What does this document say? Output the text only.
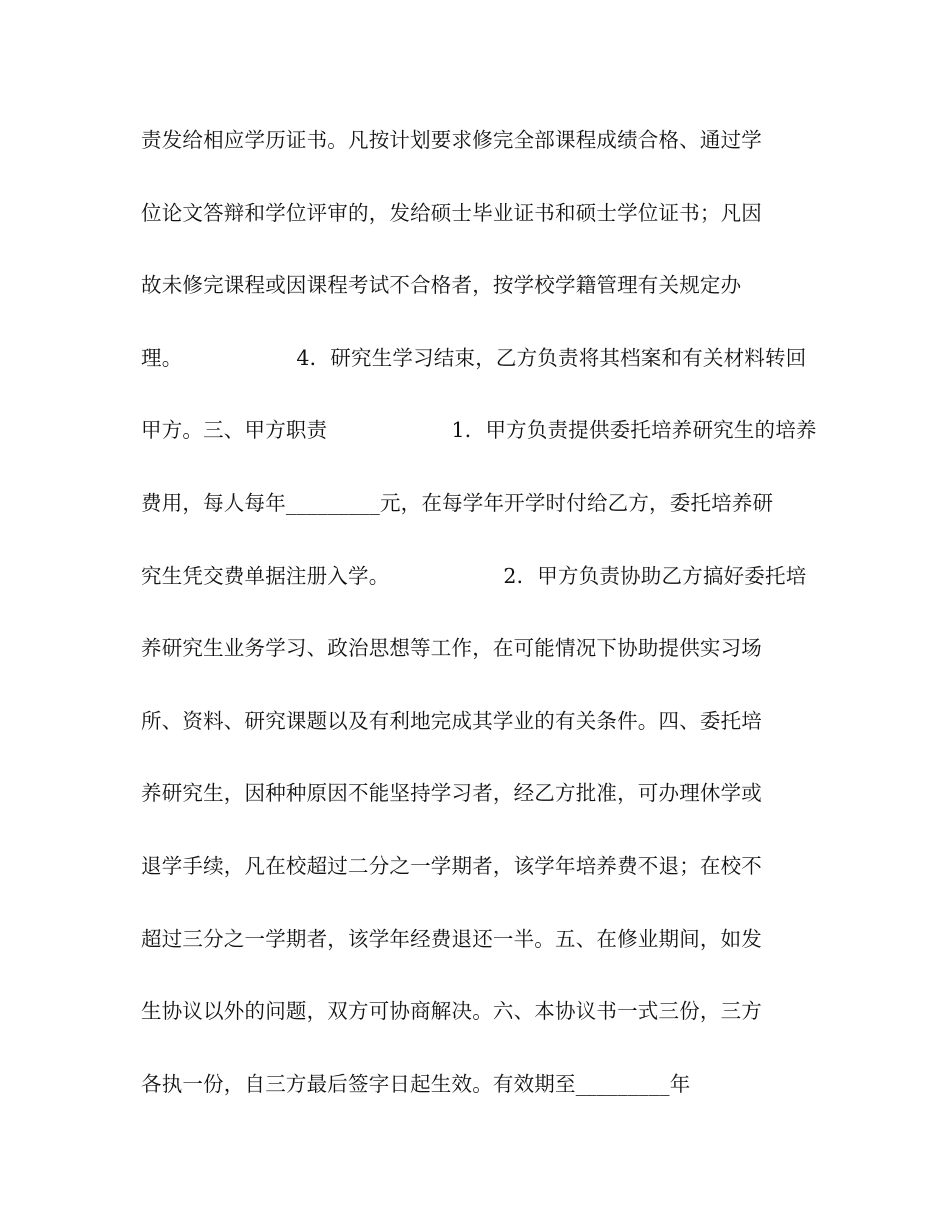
责发给相应学历证书。凡按计划要求修完全部课程成绩合格、通过学
位论文答辩和学位评审的，发给硕士毕业证书和硕士学位证书；凡因
故未修完课程或因课程考试不合格者，按学校学籍管理有关规定办
理。　　　　　　4．研究生学习结束，乙方负责将其档案和有关材料转回
甲方。三、甲方职责　　　　　　1．甲方负责提供委托培养研究生的培养
费用，每人每年_________元，在每学年开学时付给乙方，委托培养研
究生凭交费单据注册入学。　　　　　　2．甲方负责协助乙方搞好委托培
养研究生业务学习、政治思想等工作，在可能情况下协助提供实习场
所、资料、研究课题以及有利地完成其学业的有关条件。四、委托培
养研究生，因种种原因不能坚持学习者，经乙方批准，可办理休学或
退学手续，凡在校超过二分之一学期者，该学年培养费不退；在校不
超过三分之一学期者，该学年经费退还一半。五、在修业期间，如发
生协议以外的问题，双方可协商解决。六、本协议书一式三份，三方
各执一份，自三方最后签字日起生效。有效期至_________年
